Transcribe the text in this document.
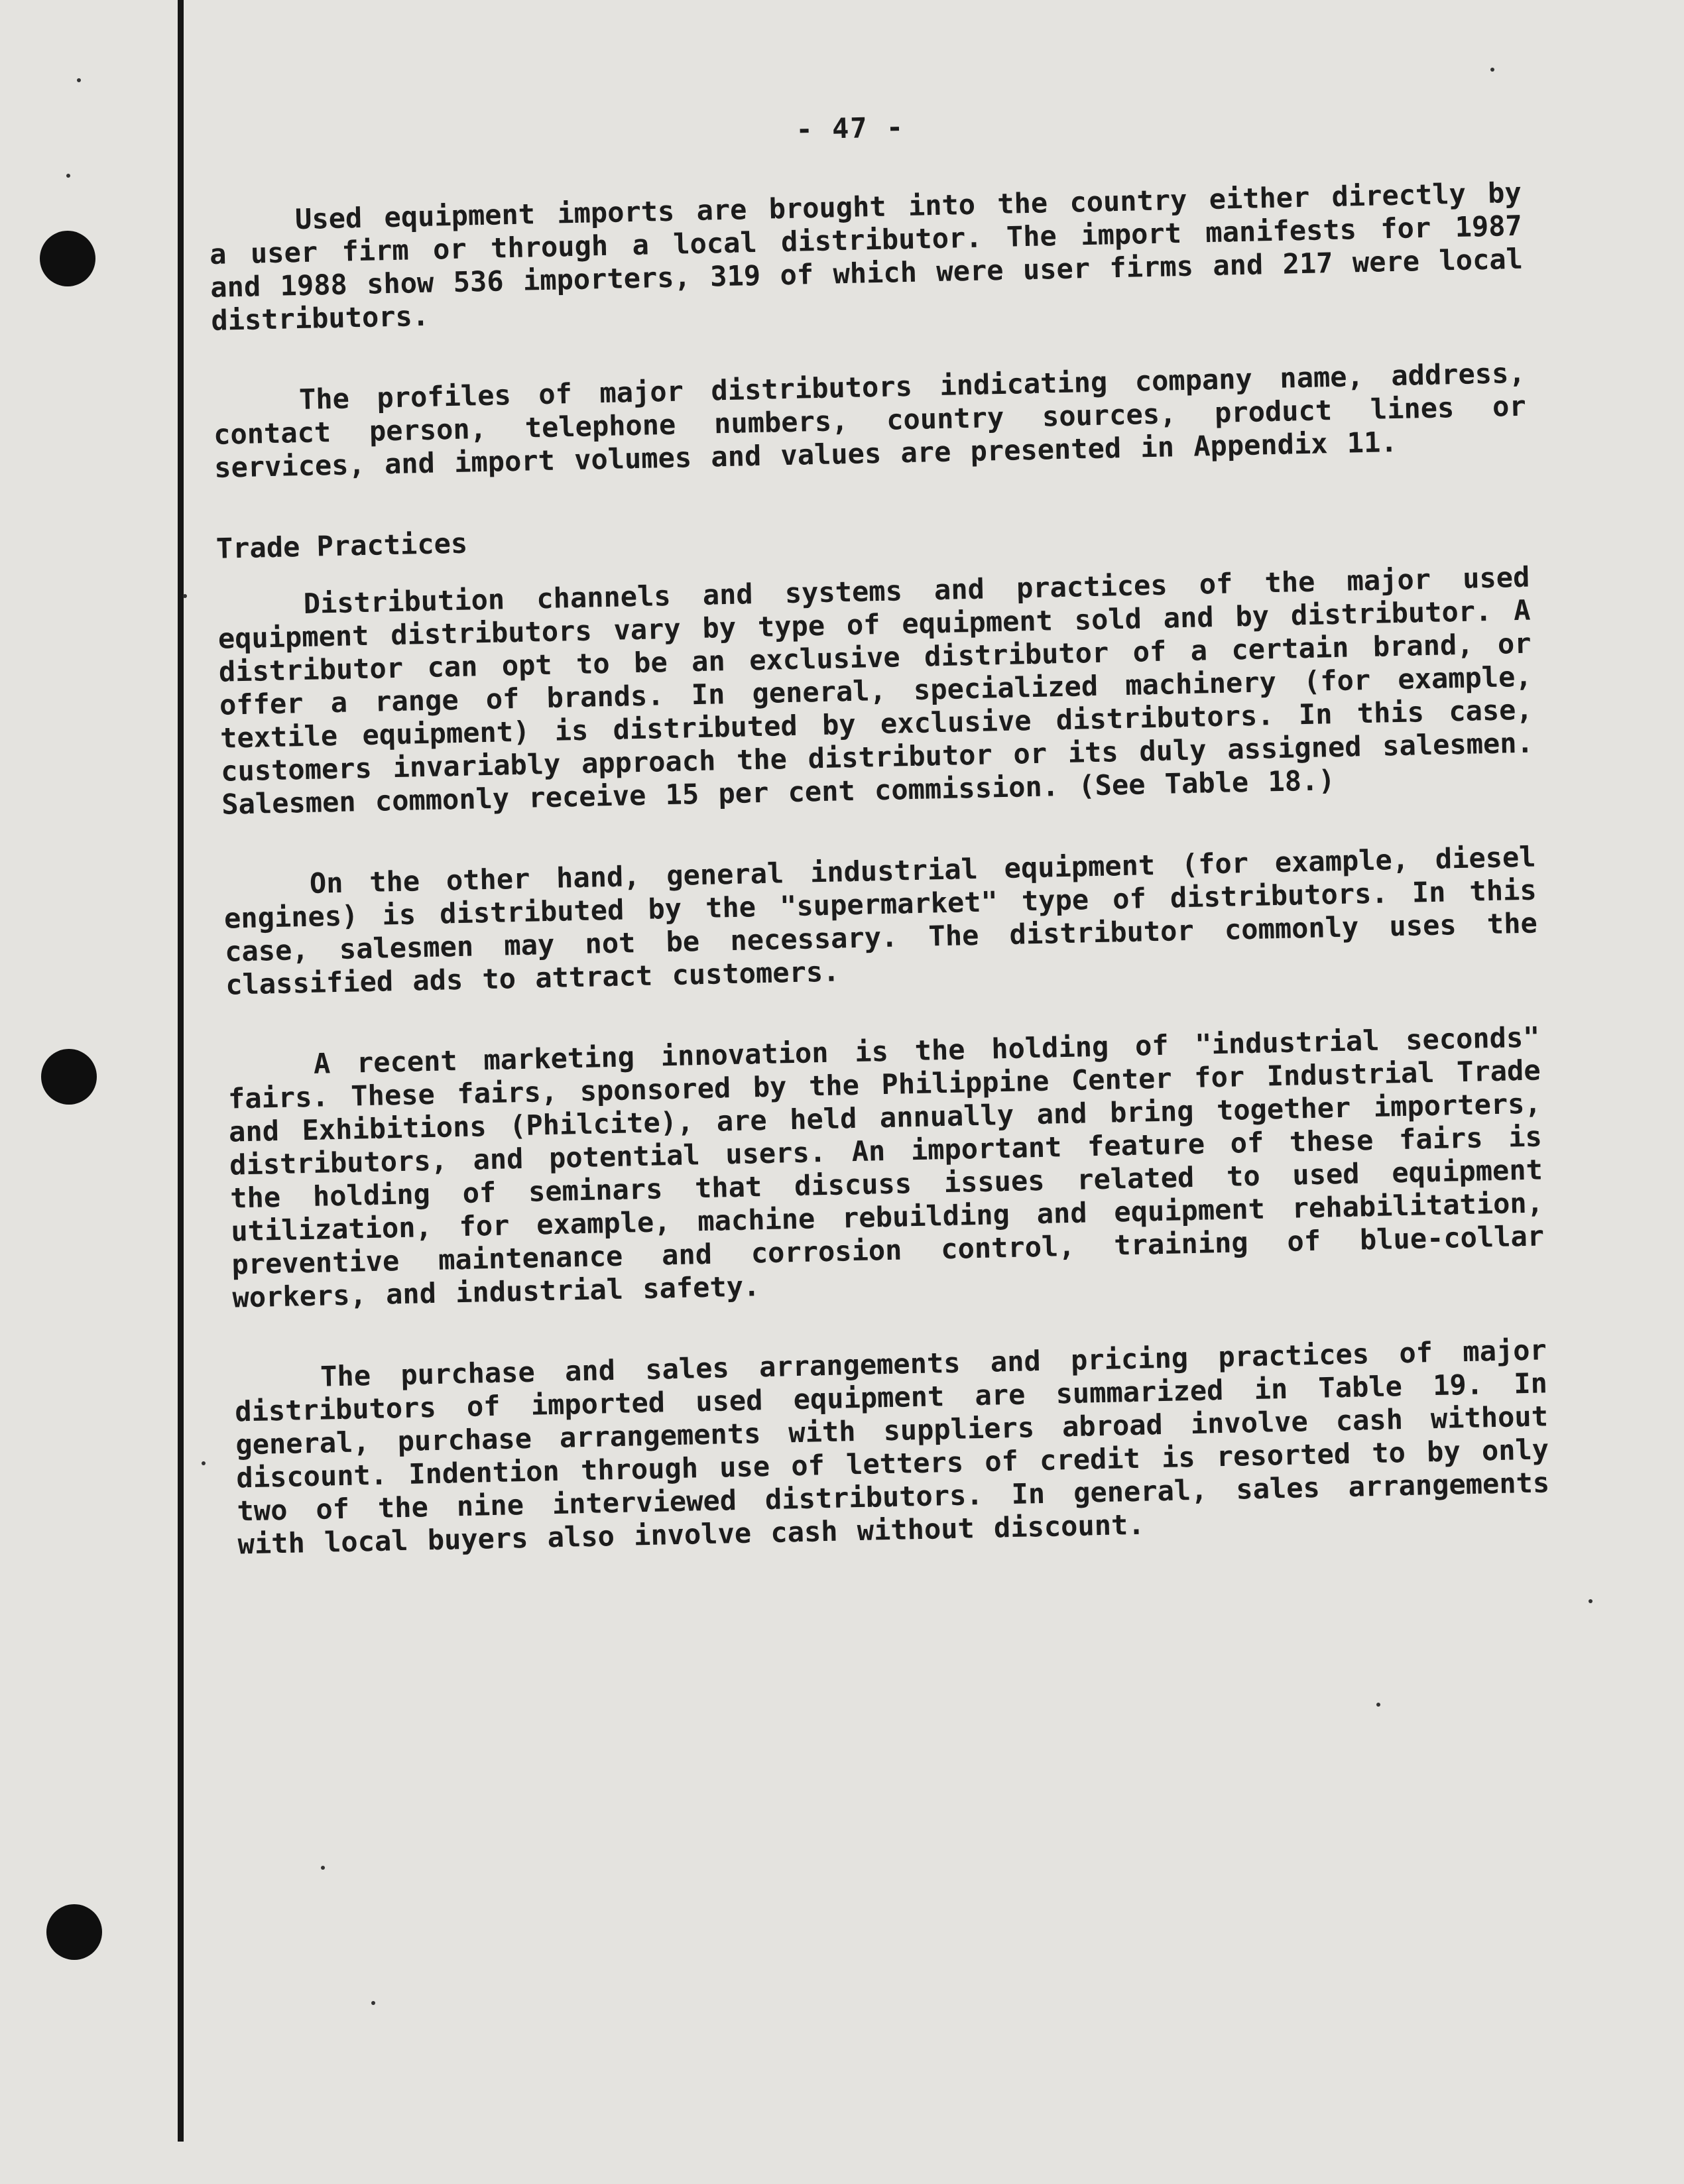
- 47 -

Used equipment imports are brought into the country either directly by a user firm or through a local distributor. The import manifests for 1987 and 1988 show 536 importers, 319 of which were user firms and 217 were local distributors.

The profiles of major distributors indicating company name, address, contact person, telephone numbers, country sources, product lines or services, and import volumes and values are presented in Appendix 11.

Trade Practices

Distribution channels and systems and practices of the major used equipment distributors vary by type of equipment sold and by distributor. A distributor can opt to be an exclusive distributor of a certain brand, or offer a range of brands. In general, specialized machinery (for example, textile equipment) is distributed by exclusive distributors. In this case, customers invariably approach the distributor or its duly assigned salesmen. Salesmen commonly receive 15 per cent commission. (See Table 18.)

On the other hand, general industrial equipment (for example, diesel engines) is distributed by the "supermarket" type of distributors. In this case, salesmen may not be necessary. The distributor commonly uses the classified ads to attract customers.

A recent marketing innovation is the holding of "industrial seconds" fairs. These fairs, sponsored by the Philippine Center for Industrial Trade and Exhibitions (Philcite), are held annually and bring together importers, distributors, and potential users. An important feature of these fairs is the holding of seminars that discuss issues related to used equipment utilization, for example, machine rebuilding and equipment rehabilitation, preventive maintenance and corrosion control, training of blue-collar workers, and industrial safety.

The purchase and sales arrangements and pricing practices of major distributors of imported used equipment are summarized in Table 19. In general, purchase arrangements with suppliers abroad involve cash without discount. Indention through use of letters of credit is resorted to by only two of the nine interviewed distributors. In general, sales arrangements with local buyers also involve cash without discount.
